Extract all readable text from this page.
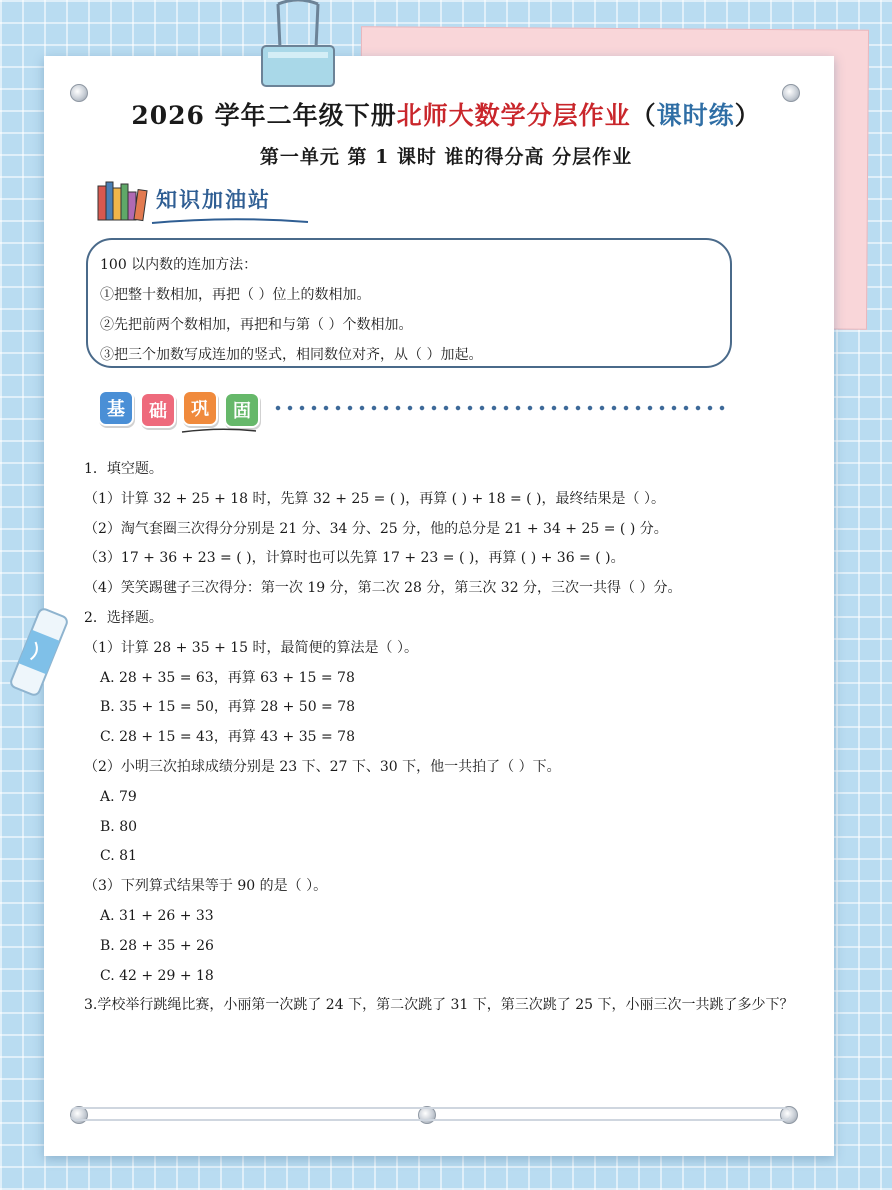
2026 学年二年级下册北师大数学分层作业（课时练）
第一单元 第 1 课时 谁的得分高 分层作业
知识加油站

100 以内数的连加方法：

①把整十数相加，再把（ ）位上的数相加。

②先把前两个数相加，再把和与第（ ）个数相加。

③把三个加数写成连加的竖式，相同数位对齐，从（ ）加起。

基	础	巩	固
1．填空题。
（1）计算 32 + 25 + 18 时，先算 32 + 25 = ( )，再算 ( ) + 18 = ( )，最终结果是（ ）。
（2）淘气套圈三次得分分别是 21 分、34 分、25 分，他的总分是 21 + 34 + 25 = ( ) 分。
（3）17 + 36 + 23 = ( )，计算时也可以先算 17 + 23 = ( )，再算 ( ) + 36 = ( )。
（4）笑笑踢毽子三次得分：第一次 19 分，第二次 28 分，第三次 32 分，三次一共得（ ）分。
2．选择题。
（1）计算 28 + 35 + 15 时，最简便的算法是（ ）。
A. 28 + 35 = 63，再算 63 + 15 = 78
B. 35 + 15 = 50，再算 28 + 50 = 78
C. 28 + 15 = 43，再算 43 + 35 = 78
（2）小明三次拍球成绩分别是 23 下、27 下、30 下，他一共拍了（ ）下。
A. 79
B. 80
C. 81
（3）下列算式结果等于 90 的是（ ）。
A. 31 + 26 + 33
B. 28 + 35 + 26
C. 42 + 29 + 18
3.学校举行跳绳比赛，小丽第一次跳了 24 下，第二次跳了 31 下，第三次跳了 25 下，小丽三次一共跳了多少下？
